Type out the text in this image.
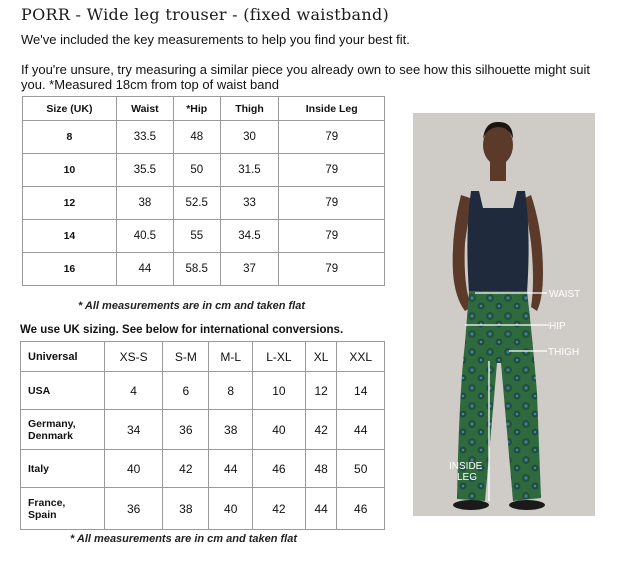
PORR - Wide leg trouser - (fixed waistband)
We've included the key measurements to help you find your best fit.
If you're unsure, try measuring a similar piece you already own to see how this silhouette might suit you. *Measured 18cm from top of waist band
Size (UK)	Waist	*Hip	Thigh	Inside Leg
8	33.5	48	30	79
10	35.5	50	31.5	79
12	38	52.5	33	79
14	40.5	55	34.5	79
16	44	58.5	37	79
* All measurements are in cm and taken flat
We use UK sizing. See below for international conversions.
Universal	XS-S	S-M	M-L	L-XL	XL	XXL
USA	4	6	8	10	12	14
Germany,
Denmark	34	36	38	40	42	44
Italy	40	42	44	46	48	50
France,
Spain	36	38	40	42	44	46
* All measurements are in cm and taken flat
WAIST
HIP
THIGH
INSIDE
LEG
